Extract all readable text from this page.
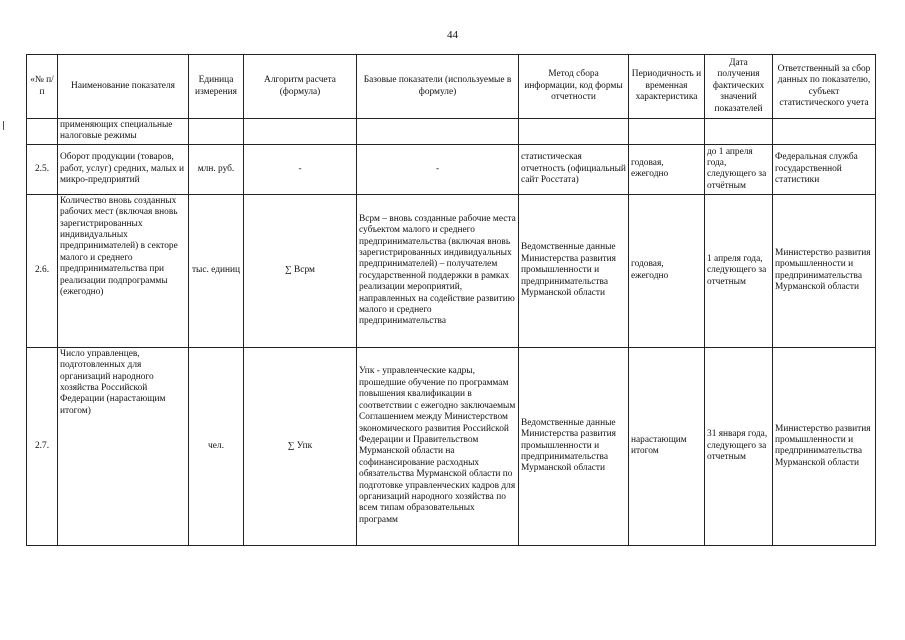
44
«№ п/п	Наименование показателя	Единица измерения	Алгоритм расчета (формула)	Базовые показатели (используемые в формуле)	Метод сбора информации, код формы отчетности	Периодичность и временная характеристика	Дата получения фактических значений показателей	Ответственный за сбор данных по показателю, субъект статистического учета
	применяющих специальные налоговые режимы							
2.5.	Оборот продукции (товаров, работ, услуг) средних, малых и микро-предприятий	млн. руб.	-	-	статистическая отчетность (официальный сайт Росстата)	годовая, ежегодно	до 1 апреля года, следующего за отчётным	Федеральная служба государственной статистики
2.6.	Количество вновь созданных рабочих мест (включая вновь зарегистрированных индивидуальных предпринимателей) в секторе малого и среднего предпринимательства при реализации подпрограммы (ежегодно)	тыс. единиц	∑ Всрм	Всрм – вновь созданные рабочие места субъектом малого и среднего предпринимательства (включая вновь зарегистрированных индивидуальных предпринимателей) – получателем государственной поддержки в рамках реализации мероприятий, направленных на содействие развитию малого и среднего предпринимательства	Ведомственные данные Министерства развития промышленности и предпринимательства Мурманской области	годовая, ежегодно	1 апреля года, следующего за отчетным	Министерство развития промышленности и предпринимательства Мурманской области
2.7.	Число управленцев, подготовленных для организаций народного хозяйства Российской Федерации (нарастающим итогом)	чел.	∑ Упк	Упк - управленческие кадры, прошедшие обучение по программам повышения квалификации в соответствии с ежегодно заключаемым Соглашением между Министерством экономического развития Российской Федерации и Правительством Мурманской области на софинансирование расходных обязательства Мурманской области по подготовке управленческих кадров для организаций народного хозяйства по всем типам образовательных программ	Ведомственные данные Министерства развития промышленности и предпринимательства Мурманской области	нарастающим итогом	31 января года, следующего за отчетным	Министерство развития промышленности и предпринимательства Мурманской области
